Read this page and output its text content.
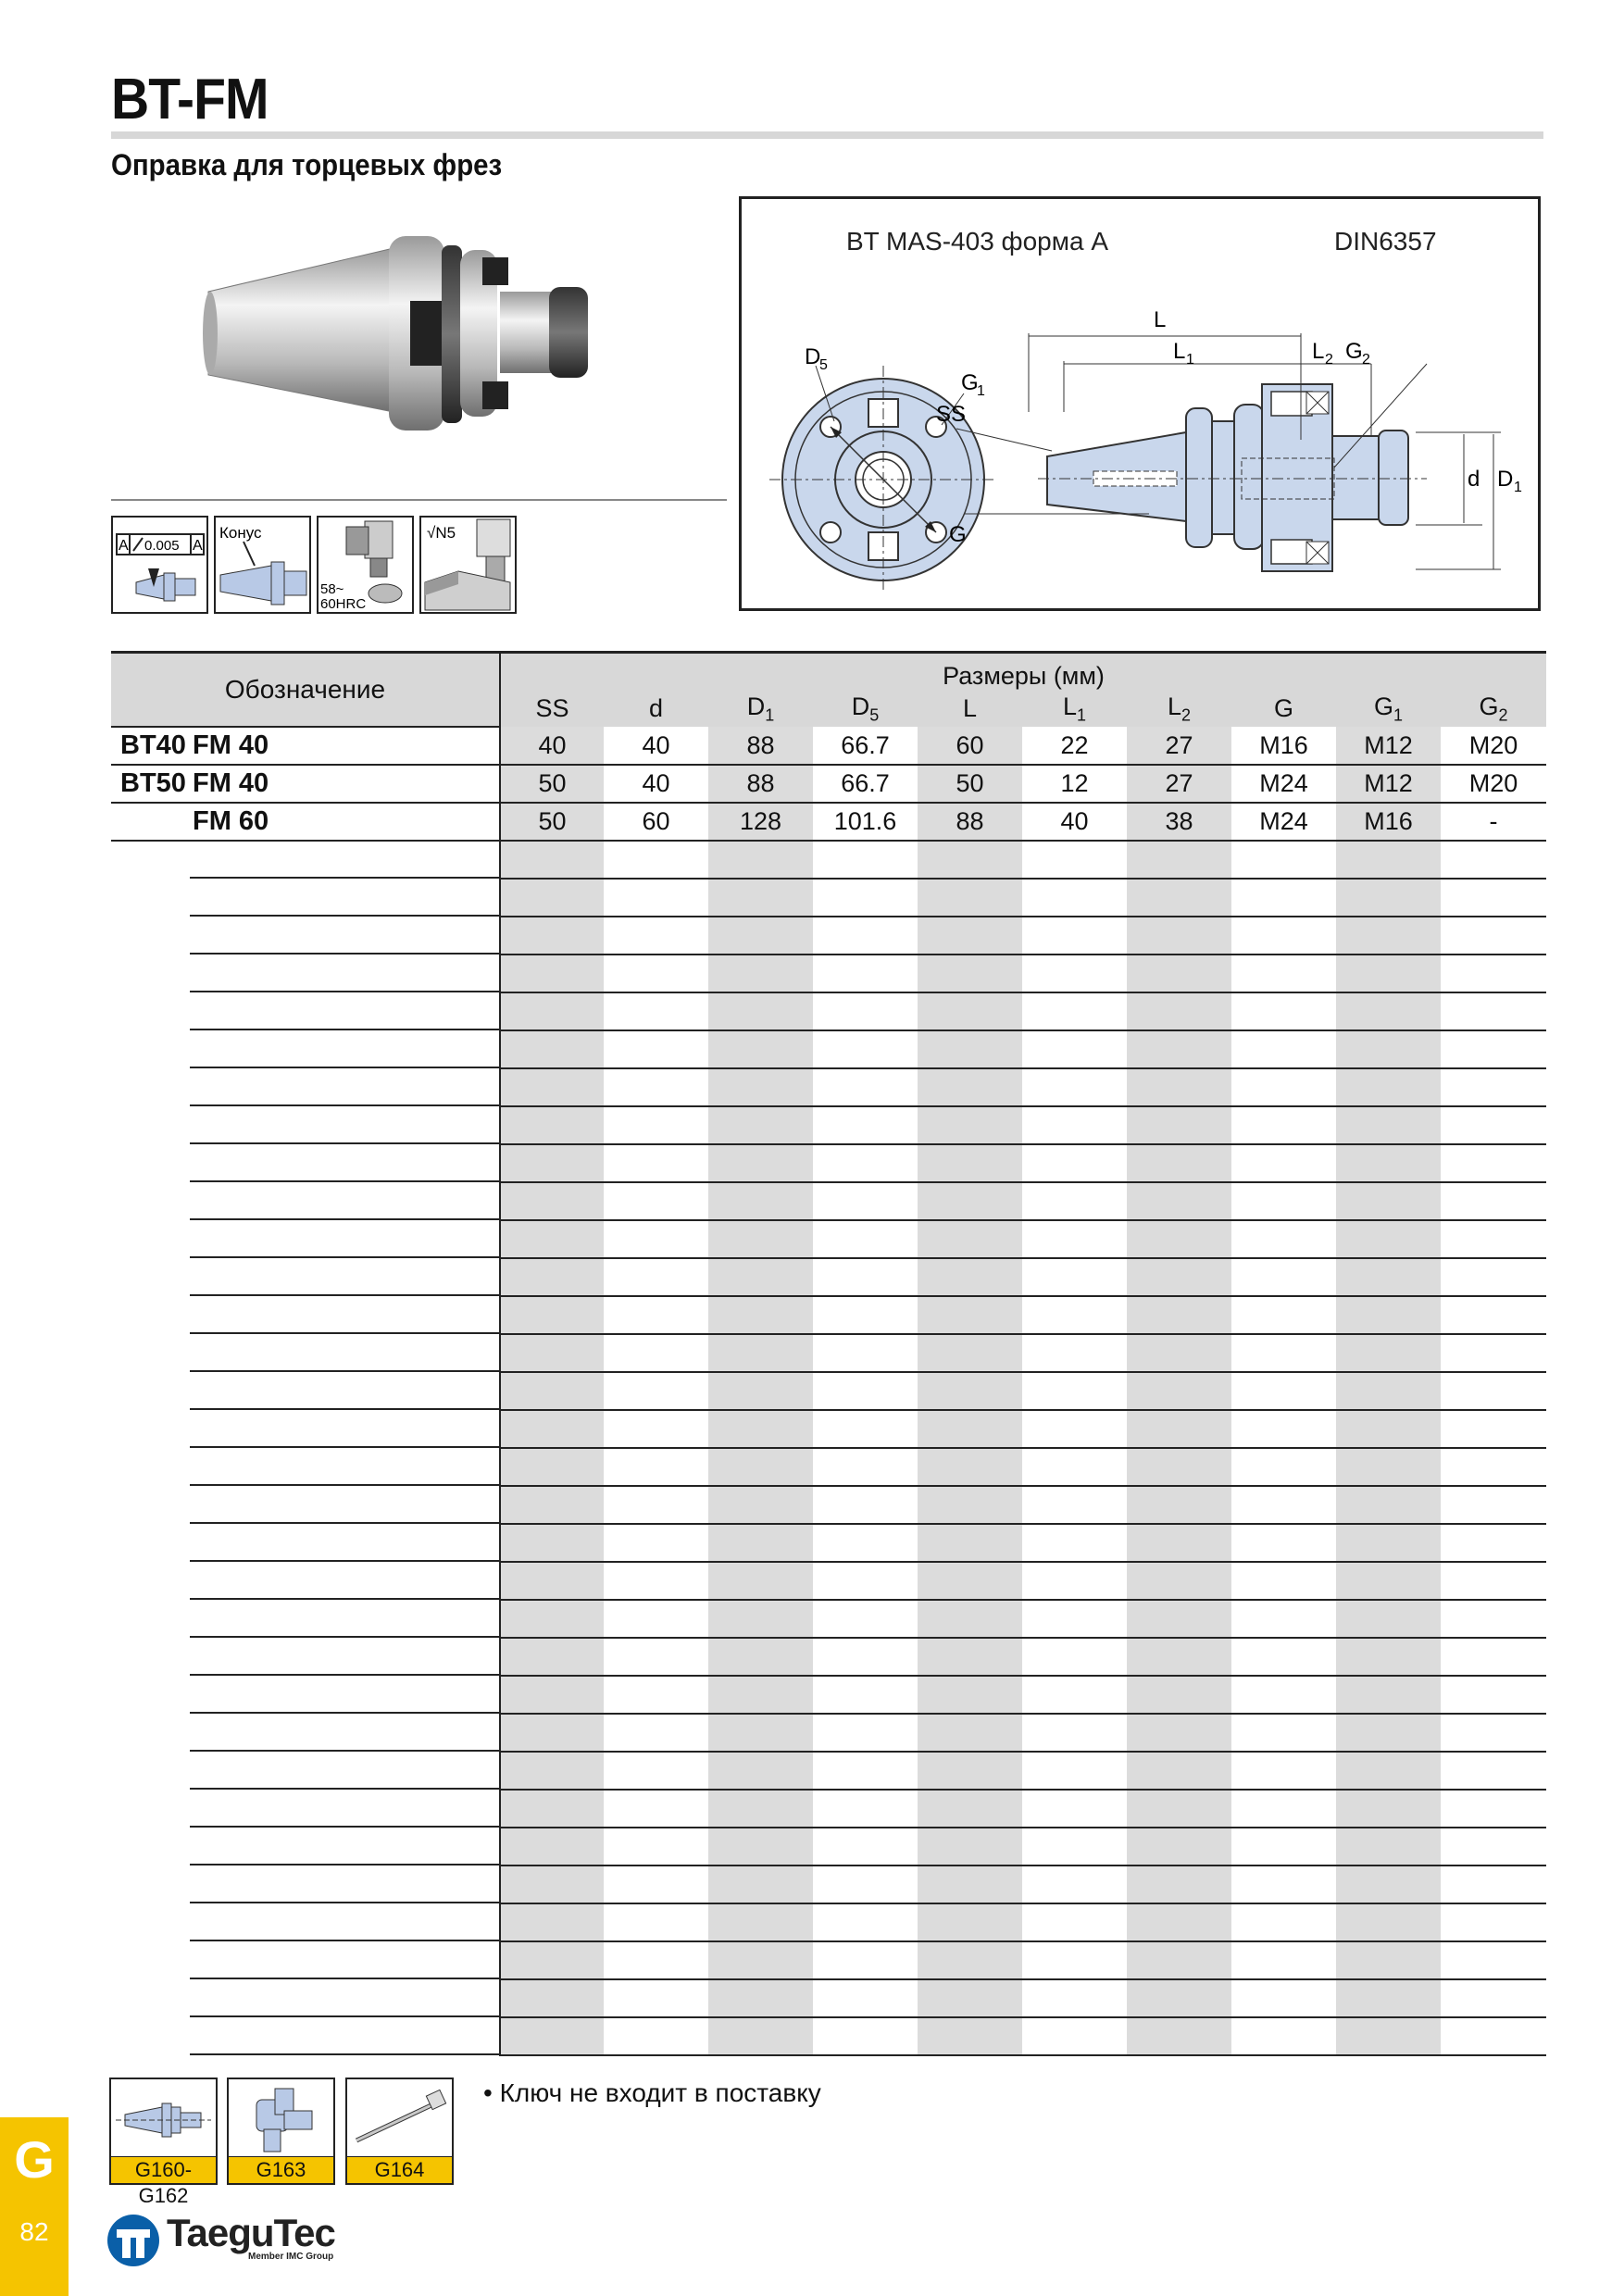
BT-FM
Оправка для торцевых фрез
A 0.005 A
Конус
58~
60HRC
√N5
BT MAS-403 форма A	DIN6357
D
5
G
1
L
L 1	L 2 G 2
SS
G
d D 1
Обозначение	Размеры (мм)									
	SS	d	$D_1$	$D_5$	L	$L_1$	$L_2$	G	$G_1$	$G_2$
BT40 FM 40	40	40	88	66.7	60	22	27	M16	M12	M20
BT50 FM 40	50	40	88	66.7	50	12	27	M24	M12	M20
FM 60	50	60	128	101.6	88	40	38	M24	M16	-

G160-G162
G163	G164
• Ключ не входит в поставку
G
82	TaeguTec
Member IMC Group
